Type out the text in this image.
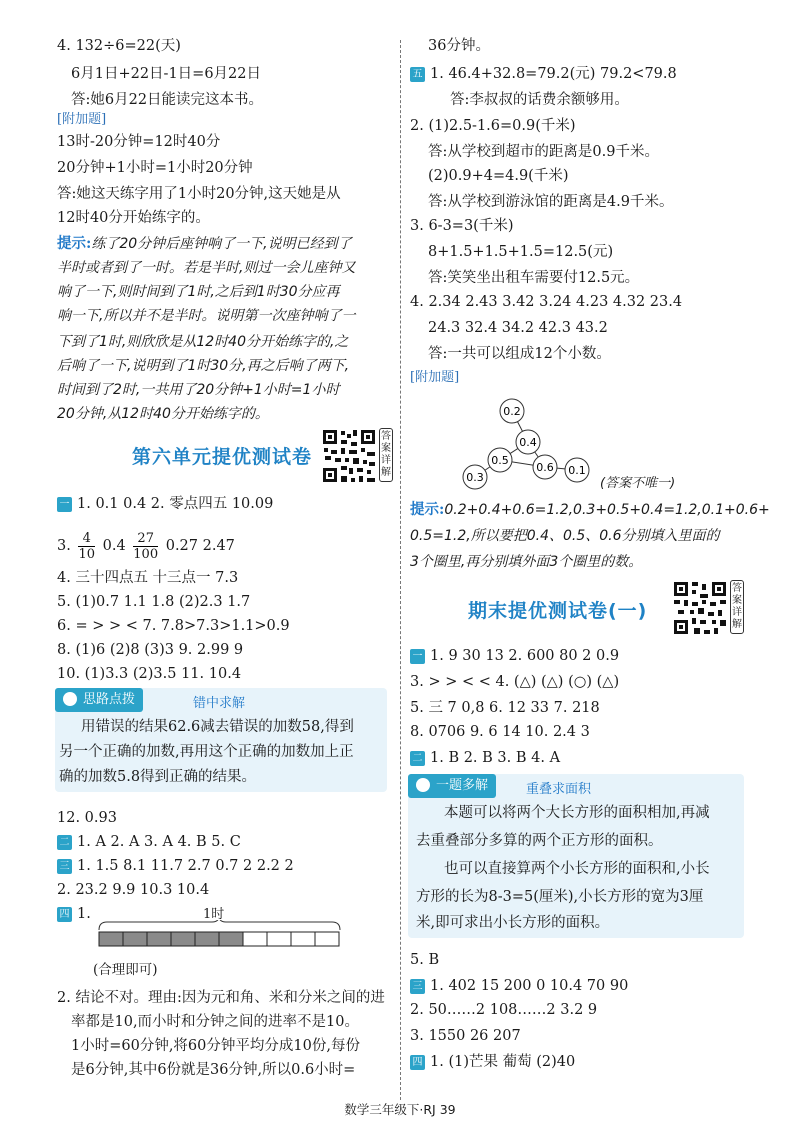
4. 132÷6=22(天)
6月1日+22日-1日=6月22日
答:她6月22日能读完这本书。
[附加题]
13时-20分钟=12时40分
20分钟+1小时=1小时20分钟
答:她这天练字用了1小时20分钟,这天她是从
12时40分开始练字的。
提示:练了20分钟后座钟响了一下,说明已经到了
半时或者到了一时。若是半时,则过一会儿座钟又
响了一下,则时间到了1时,之后到1时30分应再
响一下,所以并不是半时。说明第一次座钟响了一
下到了1时,则欣欣是从12时40分开始练字的,之
后响了一下,说明到了1时30分,再之后响了两下,
时间到了2时,一共用了20分钟+1小时=1小时
20分钟,从12时40分开始练字的。
第六单元提优测试卷
答
案
详
解
一 1. 0.1 0.4 2. 零点四五 10.09
3. $\frac{4}{10} 0.4 \frac{27}{100} 0.27$ 2.47
4. 三十四点五 十三点一 7.3
5. (1)0.7 1.1 1.8 (2)2.3 1.7
6. = > > < 7. 7.8>7.3>1.1>0.9
8. (1)6 (2)8 (3)3 9. 2.99 9
10. (1)3.3 (2)3.5 11. 10.4
思路点拨	错中求解
用错误的结果62.6减去错误的加数58,得到
另一个正确的加数,再用这个正确的加数加上正
确的加数5.8得到正确的结果。
12. 0.93
二 1. A 2. A 3. A 4. B 5. C
三 1. 1.5 8.1 11.7 2.7 0.7 2 2.2 2
2. 23.2 9.9 10.3 10.4
四 1.	1时
(合理即可)
2. 结论不对。理由:因为元和角、米和分米之间的进
率都是10,而小时和分钟之间的进率不是10。
1小时=60分钟,将60分钟平均分成10份,每份
是6分钟,其中6份就是36分钟,所以0.6小时=
36分钟。
五 1. 46.4+32.8=79.2(元) 79.2<79.8
答:李叔叔的话费余额够用。
2. (1)2.5-1.6=0.9(千米)
答:从学校到超市的距离是0.9千米。
(2)0.9+4=4.9(千米)
答:从学校到游泳馆的距离是4.9千米。
3. 6-3=3(千米)
8+1.5+1.5+1.5=12.5(元)
答:笑笑坐出租车需要付12.5元。
4. 2.34 2.43 3.42 3.24 4.23 4.32 23.4
24.3 32.4 34.2 42.3 43.2
答:一共可以组成12个小数。
[附加题]
0.2
0.4
0.5
0.6
0.3
0.1
(答案不唯一)
提示:0.2+0.4+0.6=1.2,0.3+0.5+0.4=1.2,0.1+0.6+
0.5=1.2,所以要把0.4、0.5、0.6分别填入里面的
3个圈里,再分别填外面3个圈里的数。
期末提优测试卷(一)
答
案
详
解
一 1. 9 30 13 2. 600 80 2 0.9
3. > > < < 4. (△) (△) (○) (△)
5. 三 7 0,8 6. 12 33 7. 218
8. 0706 9. 6 14 10. 2.4 3
二 1. B 2. B 3. B 4. A
一题多解	重叠求面积
本题可以将两个大长方形的面积相加,再减
去重叠部分多算的两个正方形的面积。
也可以直接算两个小长方形的面积和,小长
方形的长为8-3=5(厘米),小长方形的宽为3厘
米,即可求出小长方形的面积。
5. B
三 1. 402 15 200 0 10.4 70 90
2. 50……2 108……2 3.2 9
3. 1550 26 207
四 1. (1)芒果 葡萄 (2)40
数学三年级下·RJ 39
